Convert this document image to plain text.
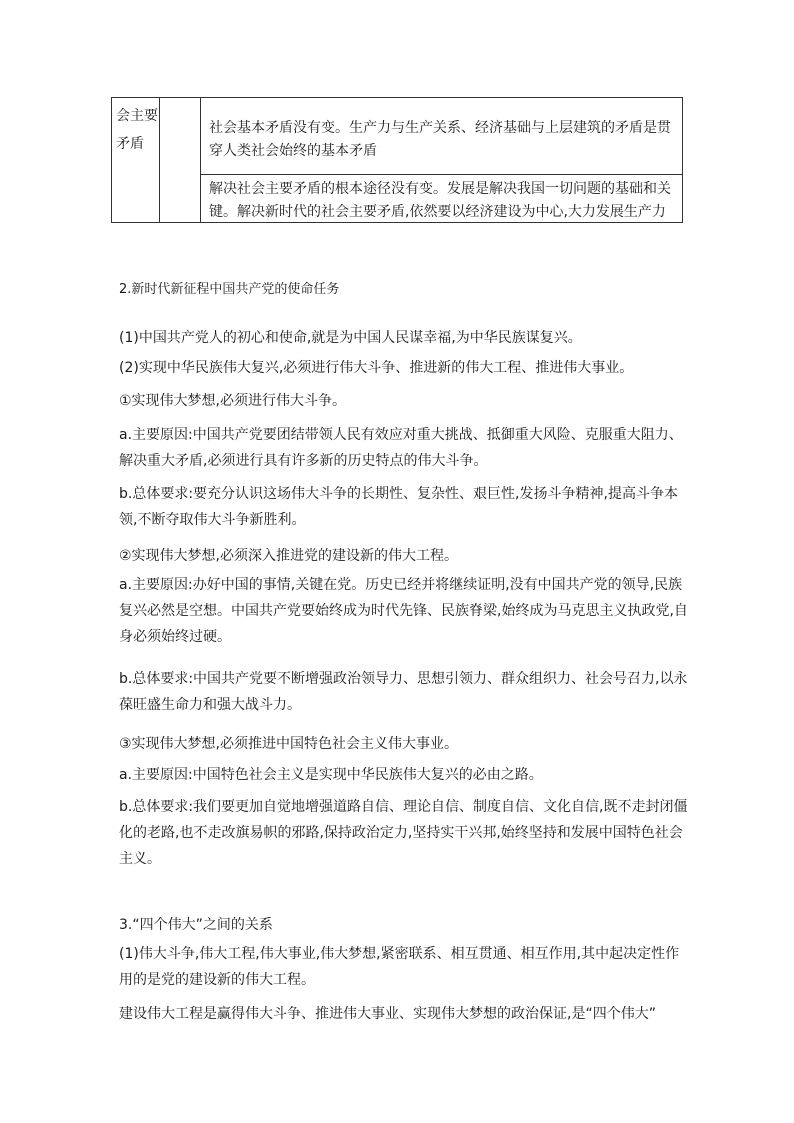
会主要矛盾
社会基本矛盾没有变。生产力与生产关系、经济基础与上层建筑的矛盾是贯穿人类社会始终的基本矛盾
解决社会主要矛盾的根本途径没有变。发展是解决我国一切问题的基础和关键。解决新时代的社会主要矛盾,依然要以经济建设为中心,大力发展生产力
2.新时代新征程中国共产党的使命任务
(1)中国共产党人的初心和使命,就是为中国人民谋幸福,为中华民族谋复兴。
(2)实现中华民族伟大复兴,必须进行伟大斗争、推进新的伟大工程、推进伟大事业。
①实现伟大梦想,必须进行伟大斗争。
a.主要原因:中国共产党要团结带领人民有效应对重大挑战、抵御重大风险、克服重大阻力、解决重大矛盾,必须进行具有许多新的历史特点的伟大斗争。
b.总体要求:要充分认识这场伟大斗争的长期性、复杂性、艰巨性,发扬斗争精神,提高斗争本领,不断夺取伟大斗争新胜利。
②实现伟大梦想,必须深入推进党的建设新的伟大工程。
a.主要原因:办好中国的事情,关键在党。历史已经并将继续证明,没有中国共产党的领导,民族复兴必然是空想。中国共产党要始终成为时代先锋、民族脊梁,始终成为马克思主义执政党,自身必须始终过硬。
b.总体要求:中国共产党要不断增强政治领导力、思想引领力、群众组织力、社会号召力,以永葆旺盛生命力和强大战斗力。
③实现伟大梦想,必须推进中国特色社会主义伟大事业。
a.主要原因:中国特色社会主义是实现中华民族伟大复兴的必由之路。
b.总体要求:我们要更加自觉地增强道路自信、理论自信、制度自信、文化自信,既不走封闭僵化的老路,也不走改旗易帜的邪路,保持政治定力,坚持实干兴邦,始终坚持和发展中国特色社会主义。
3.“四个伟大”之间的关系
(1)伟大斗争,伟大工程,伟大事业,伟大梦想,紧密联系、相互贯通、相互作用,其中起决定性作用的是党的建设新的伟大工程。
建设伟大工程是赢得伟大斗争、推进伟大事业、实现伟大梦想的政治保证,是“四个伟大”
